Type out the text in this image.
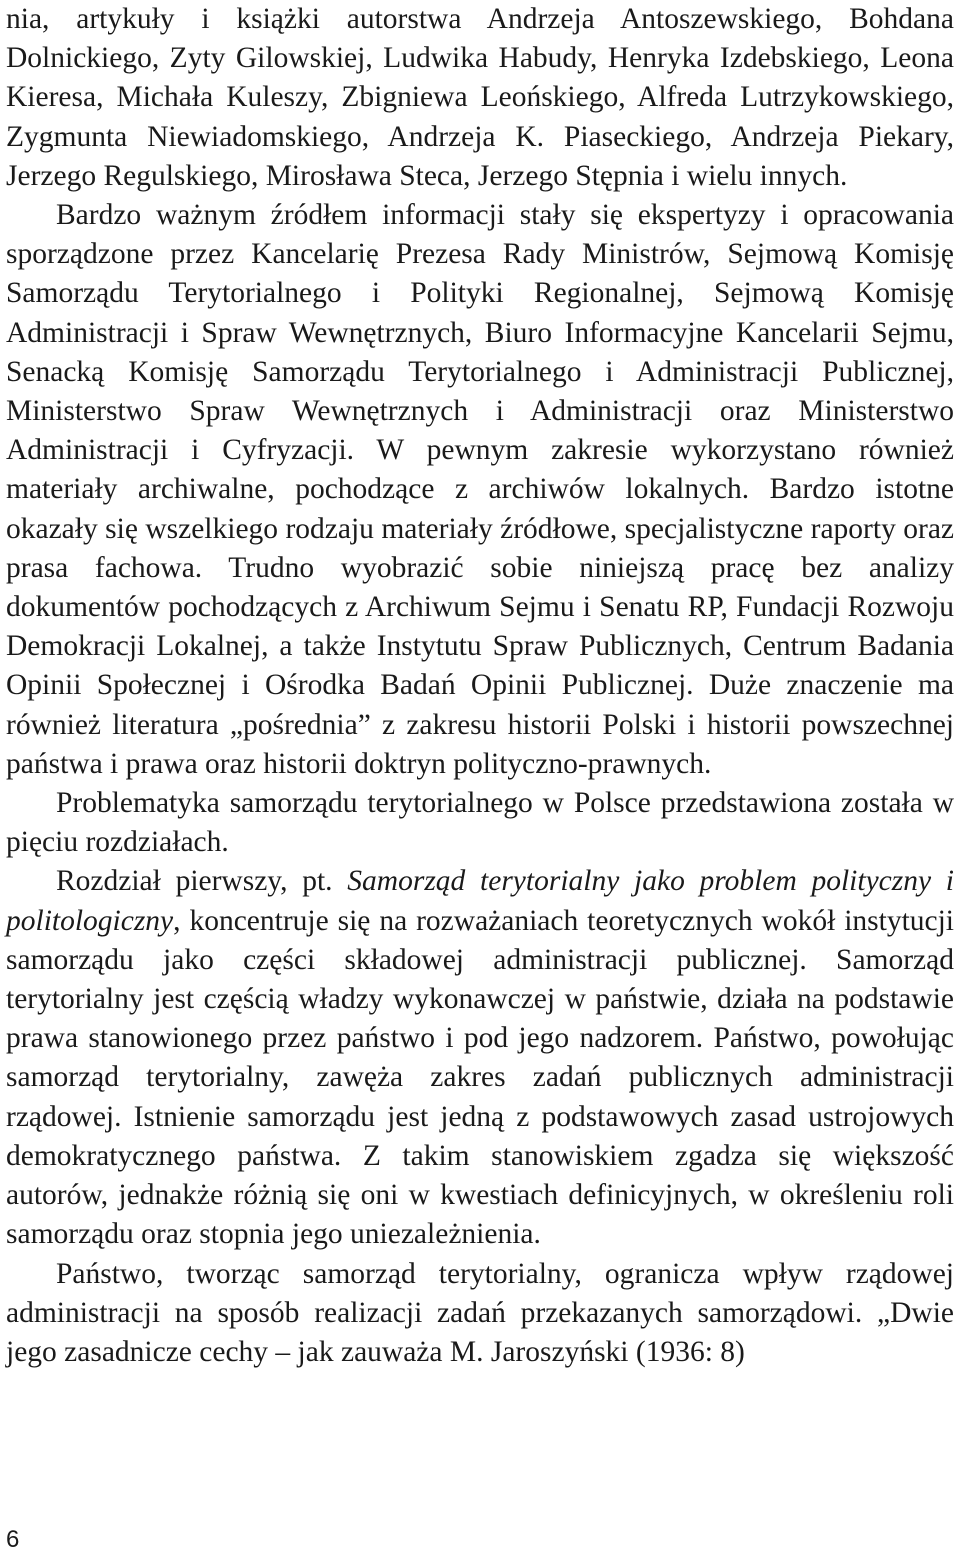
nia, artykuły i książki autorstwa Andrzeja Antoszewskiego, Bohdana Dolnickiego, Zyty Gilowskiej, Ludwika Habudy, Henryka Izdebskiego, Leona Kieresa, Michała Kuleszy, Zbigniewa Leońskiego, Alfreda Lutrzykowskiego, Zygmunta Niewiadomskiego, Andrzeja K. Piaseckiego, Andrzeja Piekary, Jerzego Regulskiego, Mirosława Steca, Jerzego Stępnia i wielu innych.

Bardzo ważnym źródłem informacji stały się ekspertyzy i opracowania sporządzone przez Kancelarię Prezesa Rady Ministrów, Sejmową Komisję Samorządu Terytorialnego i Polityki Regionalnej, Sejmową Komisję Administracji i Spraw Wewnętrznych, Biuro Informacyjne Kancelarii Sejmu, Senacką Komisję Samorządu Terytorialnego i Administracji Publicznej, Ministerstwo Spraw Wewnętrznych i Administracji oraz Ministerstwo Administracji i Cyfryzacji. W pewnym zakresie wykorzystano również materiały archiwalne, pochodzące z archiwów lokalnych. Bardzo istotne okazały się wszelkiego rodzaju materiały źródłowe, specjalistyczne raporty oraz prasa fachowa. Trudno wyobrazić sobie niniejszą pracę bez analizy dokumentów pochodzących z Archiwum Sejmu i Senatu RP, Fundacji Rozwoju Demokracji Lokalnej, a także Instytutu Spraw Publicznych, Centrum Badania Opinii Społecznej i Ośrodka Badań Opinii Publicznej. Duże znaczenie ma również literatura „pośrednia” z zakresu historii Polski i historii powszechnej państwa i prawa oraz historii doktryn polityczno-prawnych.

Problematyka samorządu terytorialnego w Polsce przedstawiona została w pięciu rozdziałach.

Rozdział pierwszy, pt. Samorząd terytorialny jako problem polityczny i politologiczny, koncentruje się na rozważaniach teoretycznych wokół instytucji samorządu jako części składowej administracji publicznej. Samorząd terytorialny jest częścią władzy wykonawczej w państwie, działa na podstawie prawa stanowionego przez państwo i pod jego nadzorem. Państwo, powołując samorząd terytorialny, zawęża zakres zadań publicznych administracji rządowej. Istnienie samorządu jest jedną z podstawowych zasad ustrojowych demokratycznego państwa. Z takim stanowiskiem zgadza się większość autorów, jednakże różnią się oni w kwestiach definicyjnych, w określeniu roli samorządu oraz stopnia jego uniezależnienia.

Państwo, tworząc samorząd terytorialny, ogranicza wpływ rządowej administracji na sposób realizacji zadań przekazanych samorządowi. „Dwie jego zasadnicze cechy – jak zauważa M. Jaroszyński (1936: 8)

6
